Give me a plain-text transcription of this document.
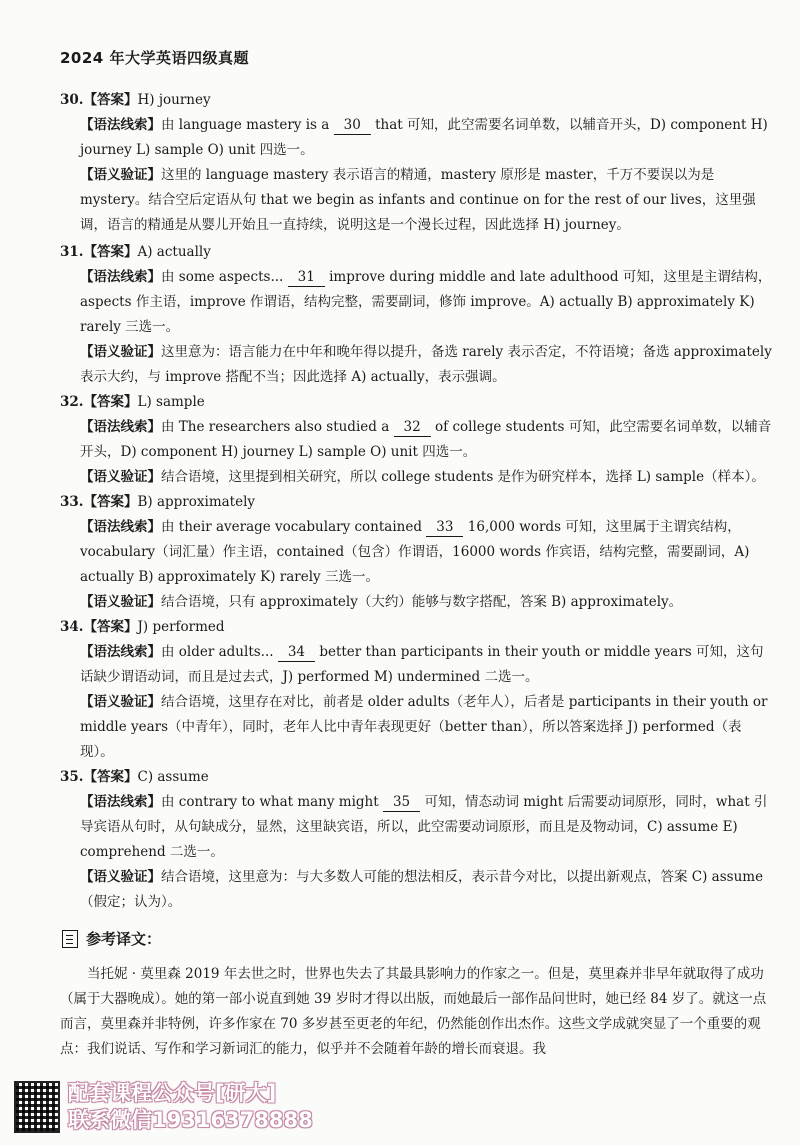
2024 年大学英语四级真题
30.【答案】H) journey
【语法线索】由 language mastery is a 30 that 可知，此空需要名词单数，以辅音开头，D) component H) journey L) sample O) unit 四选一。
【语义验证】这里的 language mastery 表示语言的精通，mastery 原形是 master，千万不要误以为是 mystery。结合空后定语从句 that we begin as infants and continue on for the rest of our lives，这里强调，语言的精通是从婴儿开始且一直持续，说明这是一个漫长过程，因此选择 H) journey。
31.【答案】A) actually
【语法线索】由 some aspects... 31 improve during middle and late adulthood 可知，这里是主谓结构，aspects 作主语，improve 作谓语，结构完整，需要副词，修饰 improve。A) actually B) approximately K) rarely 三选一。
【语义验证】这里意为：语言能力在中年和晚年得以提升，备选 rarely 表示否定，不符语境；备选 approximately 表示大约，与 improve 搭配不当；因此选择 A) actually，表示强调。
32.【答案】L) sample
【语法线索】由 The researchers also studied a 32 of college students 可知，此空需要名词单数，以辅音开头，D) component H) journey L) sample O) unit 四选一。
【语义验证】结合语境，这里提到相关研究，所以 college students 是作为研究样本，选择 L) sample（样本）。
33.【答案】B) approximately
【语法线索】由 their average vocabulary contained 33 16,000 words 可知，这里属于主谓宾结构，vocabulary（词汇量）作主语，contained（包含）作谓语，16000 words 作宾语，结构完整，需要副词，A) actually B) approximately K) rarely 三选一。
【语义验证】结合语境，只有 approximately（大约）能够与数字搭配，答案 B) approximately。
34.【答案】J) performed
【语法线索】由 older adults... 34 better than participants in their youth or middle years 可知，这句话缺少谓语动词，而且是过去式，J) performed M) undermined 二选一。
【语义验证】结合语境，这里存在对比，前者是 older adults（老年人），后者是 participants in their youth or middle years（中青年），同时，老年人比中青年表现更好（better than），所以答案选择 J) performed（表现）。
35.【答案】C) assume
【语法线索】由 contrary to what many might 35 可知，情态动词 might 后需要动词原形，同时，what 引导宾语从句时，从句缺成分，显然，这里缺宾语，所以，此空需要动词原形，而且是及物动词，C) assume E) comprehend 二选一。
【语义验证】结合语境，这里意为：与大多数人可能的想法相反，表示昔今对比，以提出新观点，答案 C) assume（假定；认为）。
参考译文：
当托妮 · 莫里森 2019 年去世之时，世界也失去了其最具影响力的作家之一。但是，莫里森并非早年就取得了成功（属于大器晚成）。她的第一部小说直到她 39 岁时才得以出版，而她最后一部作品问世时，她已经 84 岁了。就这一点而言，莫里森并非特例，许多作家在 70 多岁甚至更老的年纪，仍然能创作出杰作。这些文学成就突显了一个重要的观点：我们说话、写作和学习新词汇的能力，似乎并不会随着年龄的增长而衰退。我
配套课程公众号[研大]
联系微信19316378888
